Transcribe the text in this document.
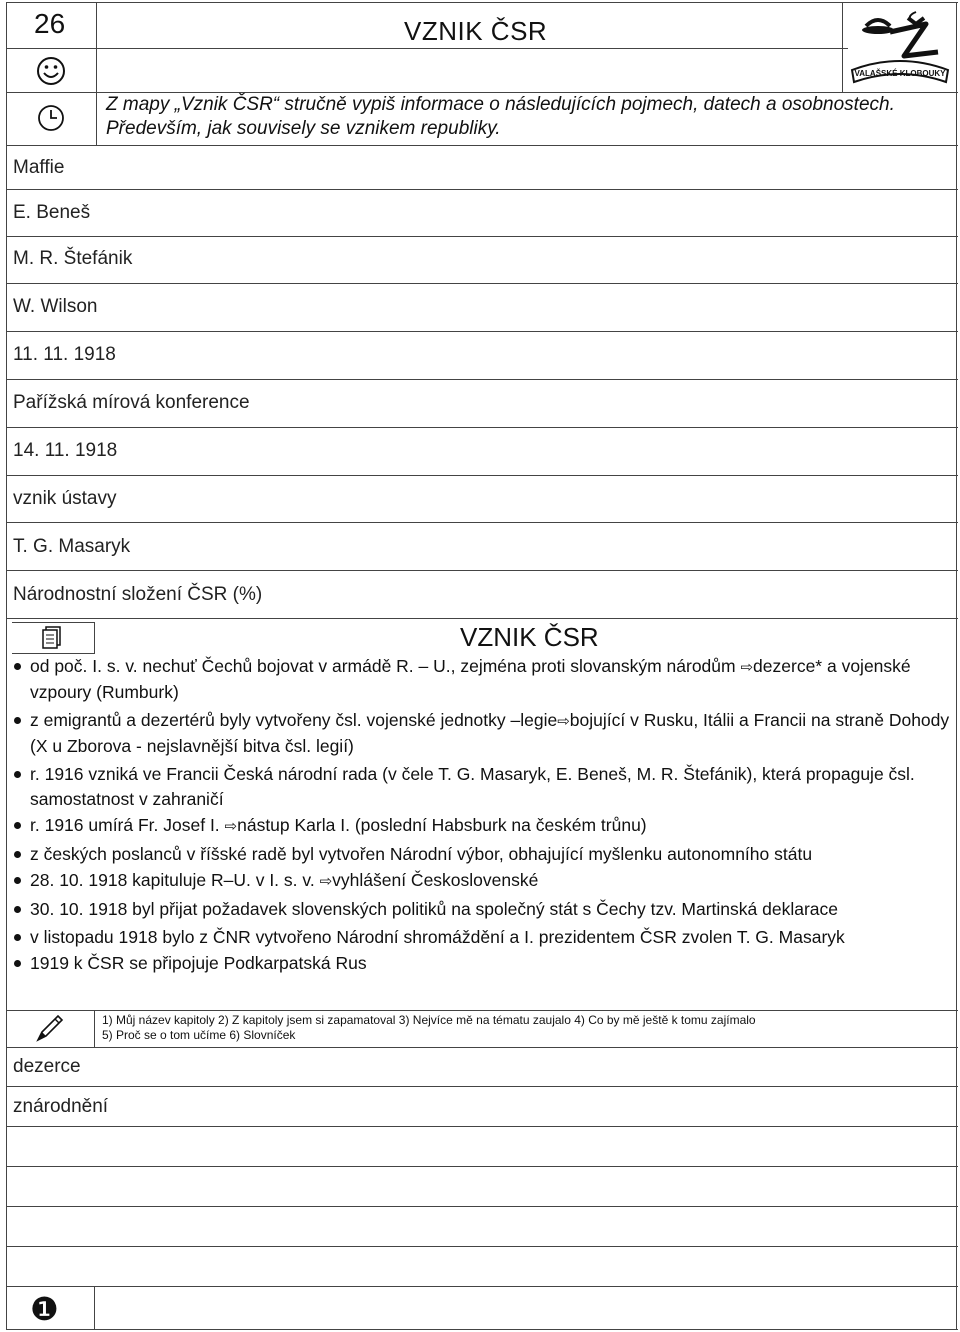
26	VZNIK ČSR
VALAŠSKÉ KLOBOUKY
Z mapy „Vznik ČSR“ stručně vypiš informace o následujících pojmech, datech a osobnostech.
Především, jak souvisely se vznikem republiky.
Maffie
E. Beneš
M. R. Štefánik
W. Wilson
11. 11. 1918
Pařížská mírová konference
14. 11. 1918
vznik ústavy
T. G. Masaryk
Národnostní složení ČSR (%)
VZNIK ČSR
od poč. I. s. v. nechuť Čechů bojovat v armádě R. – U., zejména proti slovanským národům ⇨dezerce* a vojenské vzpoury (Rumburk)
z emigrantů a dezertérů byly vytvořeny čsl. vojenské jednotky –legie⇨bojující v Rusku, Itálii a Francii na straně Dohody (X u Zborova - nejslavnější bitva čsl. legií)
r. 1916 vzniká ve Francii Česká národní rada (v čele T. G. Masaryk, E. Beneš, M. R. Štefánik), která propaguje čsl. samostatnost v zahraničí
r. 1916 umírá Fr. Josef I. ⇨nástup Karla I. (poslední Habsburk na českém trůnu)
z českých poslanců v říšské radě byl vytvořen Národní výbor, obhajující myšlenku autonomního státu
28. 10. 1918 kapituluje R–U. v I. s. v. ⇨vyhlášení Československé
30. 10. 1918 byl přijat požadavek slovenských politiků na společný stát s Čechy tzv. Martinská deklarace
v listopadu 1918 bylo z ČNR vytvořeno Národní shromáždění a I. prezidentem ČSR zvolen T. G. Masaryk
1919 k ČSR se připojuje Podkarpatská Rus
1) Můj název kapitoly 2) Z kapitoly jsem si zapamatoval 3) Nejvíce mě na tématu zaujalo 4) Co by mě ještě k tomu zajímalo
5) Proč se o tom učíme 6) Slovníček
dezerce
znárodnění
❶
